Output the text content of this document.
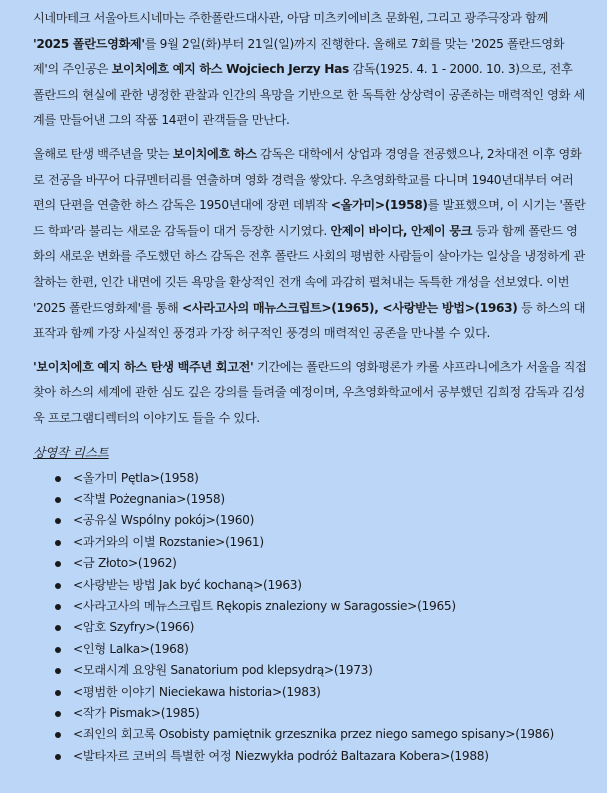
시네마테크 서울아트시네마는 주한폴란드대사관, 아담 미츠키에비츠 문화원, 그리고 광주극장과 함께 '2025 폴란드영화제'를 9월 2일(화)부터 21일(일)까지 진행한다. 올해로 7회를 맞는 '2025 폴란드영화제'의 주인공은 보이치에흐 예지 하스 Wojciech Jerzy Has 감독(1925. 4. 1 - 2000. 10. 3)으로, 전후 폴란드의 현실에 관한 냉정한 관찰과 인간의 욕망을 기반으로 한 독특한 상상력이 공존하는 매력적인 영화 세계를 만들어낸 그의 작품 14편이 관객들을 만난다.

올해로 탄생 백주년을 맞는 보이치에흐 하스 감독은 대학에서 상업과 경영을 전공했으나, 2차대전 이후 영화로 전공을 바꾸어 다큐멘터리를 연출하며 영화 경력을 쌓았다. 우츠영화학교를 다니며 1940년대부터 여러 편의 단편을 연출한 하스 감독은 1950년대에 장편 데뷔작 <올가미>(1958)를 발표했으며, 이 시기는 '폴란드 학파'라 불리는 새로운 감독들이 대거 등장한 시기였다. 안제이 바이다, 안제이 뭉크 등과 함께 폴란드 영화의 새로운 변화를 주도했던 하스 감독은 전후 폴란드 사회의 평범한 사람들이 살아가는 일상을 냉정하게 관찰하는 한편, 인간 내면에 깃든 욕망을 환상적인 전개 속에 과감히 펼쳐내는 독특한 개성을 선보였다. 이번 '2025 폴란드영화제'를 통해 <사라고사의 매뉴스크립트>(1965), <사랑받는 방법>(1963) 등 하스의 대표작과 함께 가장 사실적인 풍경과 가장 허구적인 풍경의 매력적인 공존을 만나볼 수 있다.

'보이치에흐 예지 하스 탄생 백주년 회고전' 기간에는 폴란드의 영화평론가 카롤 샤프라니에츠가 서울을 직접 찾아 하스의 세계에 관한 심도 깊은 강의를 들려줄 예정이며, 우츠영화학교에서 공부했던 김희정 감독과 김성욱 프로그램디렉터의 이야기도 들을 수 있다.

상영작 리스트
<올가미 Pętla>(1958)
<작별 Pożegnania>(1958)
<공유실 Wspólny pokój>(1960)
<과거와의 이별 Rozstanie>(1961)
<금 Złoto>(1962)
<사랑받는 방법 Jak być kochaną>(1963)
<사라고사의 메뉴스크립트 Rękopis znaleziony w Saragossie>(1965)
<암호 Szyfry>(1966)
<인형 Lalka>(1968)
<모래시계 요양원 Sanatorium pod klepsydrą>(1973)
<평범한 이야기 Nieciekawa historia>(1983)
<작가 Pismak>(1985)
<죄인의 회고록 Osobisty pamiętnik grzesznika przez niego samego spisany>(1986)
<발타자르 코버의 특별한 여정 Niezwykła podróż Baltazara Kobera>(1988)
